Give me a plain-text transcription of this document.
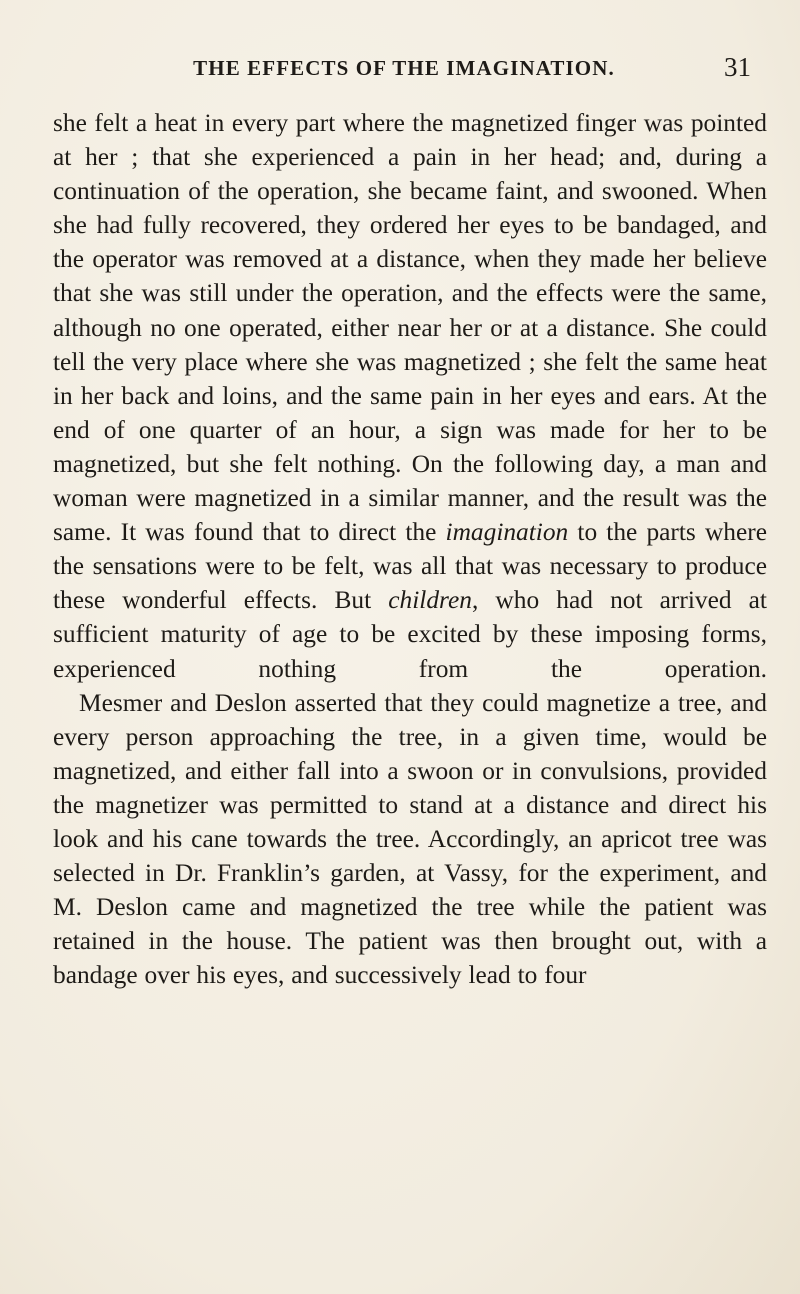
THE EFFECTS OF THE IMAGINATION.	31

she felt a heat in every part where the magnetized finger was pointed at her ; that she experienced a pain in her head; and, during a continuation of the operation, she became faint, and swooned. When she had fully recovered, they ordered her eyes to be bandaged, and the operator was removed at a distance, when they made her believe that she was still under the operation, and the effects were the same, although no one operated, either near her or at a distance. She could tell the very place where she was magnetized ; she felt the same heat in her back and loins, and the same pain in her eyes and ears. At the end of one quarter of an hour, a sign was made for her to be magnetized, but she felt nothing. On the following day, a man and woman were magnetized in a similar manner, and the result was the same. It was found that to direct the imagination to the parts where the sensations were to be felt, was all that was necessary to produce these wonderful effects. But children, who had not arrived at sufficient maturity of age to be excited by these imposing forms, experienced nothing from the operation.

Mesmer and Deslon asserted that they could magnetize a tree, and every person approaching the tree, in a given time, would be magnetized, and either fall into a swoon or in convulsions, provided the magnetizer was permitted to stand at a distance and direct his look and his cane towards the tree. Accordingly, an apricot tree was selected in Dr. Franklin’s garden, at Vassy, for the experiment, and M. Deslon came and magnetized the tree while the patient was retained in the house. The patient was then brought out, with a bandage over his eyes, and successively lead to four
